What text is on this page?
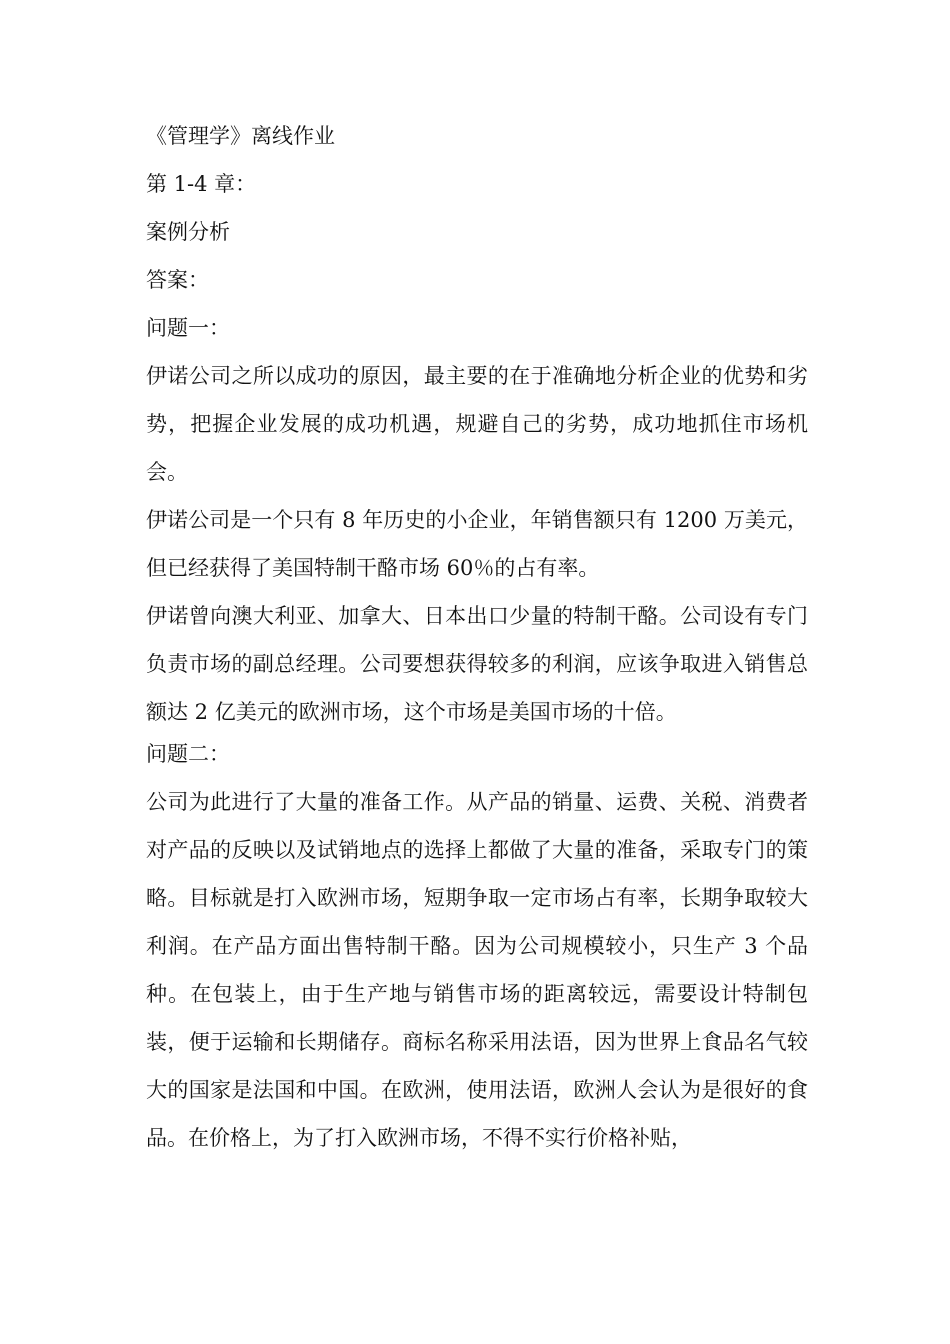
《管理学》离线作业
第 1-4 章：
案例分析
答案：
问题一：

伊诺公司之所以成功的原因，最主要的在于准确地分析企业的优势和劣势，把握企业发展的成功机遇，规避自己的劣势，成功地抓住市场机会。

伊诺公司是一个只有 8 年历史的小企业，年销售额只有 1200 万美元，但已经获得了美国特制干酪市场 60％的占有率。

伊诺曾向澳大利亚、加拿大、日本出口少量的特制干酪。公司设有专门负责市场的副总经理。公司要想获得较多的利润，应该争取进入销售总额达 2 亿美元的欧洲市场，这个市场是美国市场的十倍。

问题二：

公司为此进行了大量的准备工作。从产品的销量、运费、关税、消费者对产品的反映以及试销地点的选择上都做了大量的准备，采取专门的策略。目标就是打入欧洲市场，短期争取一定市场占有率，长期争取较大利润。在产品方面出售特制干酪。因为公司规模较小，只生产 3 个品种。在包装上，由于生产地与销售市场的距离较远，需要设计特制包装，便于运输和长期储存。商标名称采用法语，因为世界上食品名气较大的国家是法国和中国。在欧洲，使用法语，欧洲人会认为是很好的食品。在价格上，为了打入欧洲市场，不得不实行价格补贴，
